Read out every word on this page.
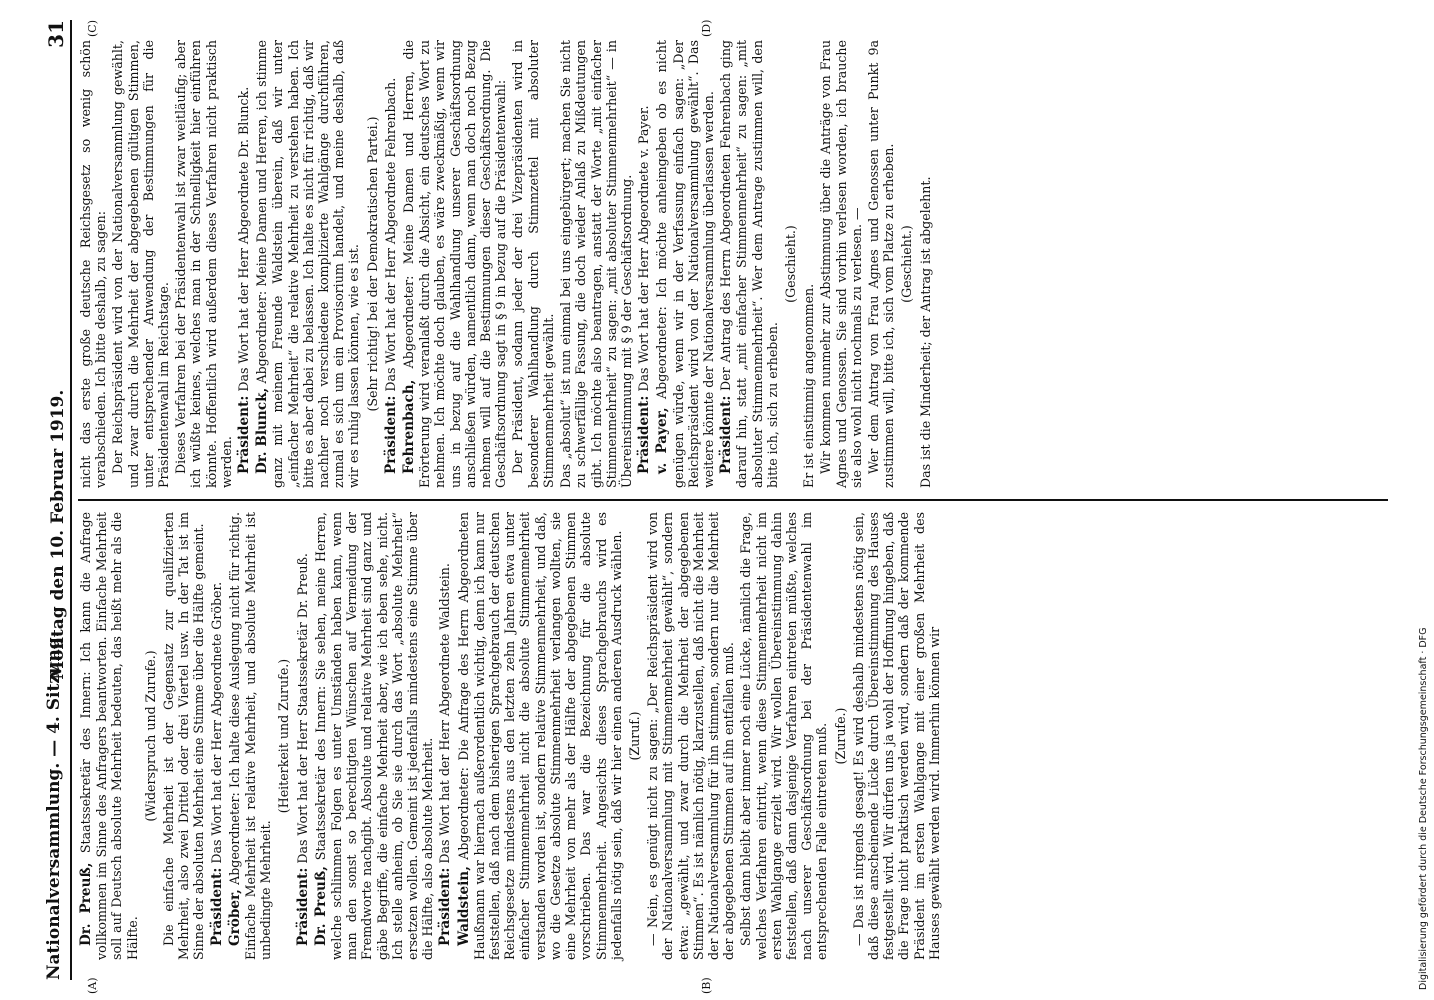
Nationalversammlung. — 4. Sitzung.
Montag den 10. Februar 1919.  31

Dr. Preuß, Staatssekretär des Innern: Ich kann die Anfrage vollkommen im Sinne des Anfragers beantworten. Einfache Mehrheit soll auf Deutsch absolute Mehrheit bedeuten, das heißt mehr als die Hälfte.

(Widerspruch und Zurufe.) Die einfache Mehrheit ist der Gegensatz zur qualifizierten Mehrheit, also zwei Drittel oder drei Viertel usw. In der Tat ist im Sinne der absoluten Mehrheit eine Stimme über die Hälfte gemeint. Präsident: Das Wort hat der Herr Abgeordnete Gröber.

Gröber, Abgeordneter: Ich halte diese Auslegung nicht für richtig. Einfache Mehrheit ist relative Mehrheit, und absolute Mehrheit ist unbedingte Mehrheit.

(Heiterkeit und Zurufe.)

Präsident: Das Wort hat der Herr Staatssekretär Dr. Preuß.

Dr. Preuß, Staatssekretär des Innern: Sie sehen, meine Herren, welche schlimmen Folgen es unter Umständen haben kann, wenn man den sonst so berechtigten Wünschen auf Vermeidung der Fremdworte nachgibt. Absolute und relative Mehrheit sind ganz und gäbe Begriffe, die einfache Mehrheit aber, wie ich eben sehe, nicht. Ich stelle anheim, ob Sie sie durch das Wort „absolute Mehrheit“ ersetzen wollen. Gemeint ist jedenfalls mindestens eine Stimme über die Hälfte, also absolute Mehrheit. Präsident: Das Wort hat der Herr Abgeordnete Waldstein.

Waldstein, Abgeordneter: Die Anfrage des Herrn Abgeordneten Haußmann war hiernach außerordentlich wichtig, denn ich kann nur feststellen, daß nach dem bisherigen Sprachgebrauch der deutschen Reichsgesetze mindestens aus den letzten zehn Jahren etwa unter einfacher Stimmenmehrheit nicht die absolute Stimmenmehrheit verstanden worden ist, sondern relative Stimmenmehrheit, und daß, wo die Gesetze absolute Stimmenmehrheit verlangen wollten, sie eine Mehrheit von mehr als der Hälfte der abgegebenen Stimmen vorschrieben. Das war die Bezeichnung für die absolute Stimmenmehrheit. Angesichts dieses Sprachgebrauchs wird es jedenfalls nötig sein, daß wir hier einen anderen Ausdruck wählen. (Zuruf.) — Nein, es genügt nicht zu sagen: „Der Reichspräsident wird von der Nationalversammlung mit Stimmenmehrheit gewählt“, sondern etwa: „gewählt, und zwar durch die Mehrheit der abgegebenen Stimmen“. Es ist nämlich nötig, klarzustellen, daß nicht die Mehrheit der Nationalversammlung für ihn stimmen, sondern nur die Mehrheit der abgegebenen Stimmen auf ihn entfallen muß. Selbst dann bleibt aber immer noch eine Lücke, nämlich die Frage, welches Verfahren eintritt, wenn diese Stimmenmehrheit nicht im ersten Wahlgange erzielt wird. Wir wollen Übereinstimmung dahin feststellen, daß dann dasjenige Verfahren eintreten müßte, welches nach unserer Geschäftsordnung bei der Präsidentenwahl im entsprechenden Falle eintreten muß. (Zurufe.) — Das ist nirgends gesagt! Es wird deshalb mindestens nötig sein, daß diese anscheinende Lücke durch Übereinstimmung des Hauses festgestellt wird. Wir dürfen uns ja wohl der Hoffnung hingeben, daß die Frage nicht praktisch werden wird, sondern daß der kommende Präsident im ersten Wahlgange mit einer großen Mehrheit des Hauses gewählt werden wird. Immerhin können wir

nicht das erste große deutsche Reichsgesetz so wenig schön verabschieden. Ich bitte deshalb, zu sagen: Der Reichspräsident wird von der Nationalversammlung gewählt, und zwar durch die Mehrheit der abgegebenen gültigen Stimmen, unter entsprechender Anwendung der Bestimmungen für die Präsidentenwahl im Reichstage. Dieses Verfahren bei der Präsidentenwahl ist zwar weitläufig; aber ich wüßte keines, welches man in der Schnelligkeit hier einführen könnte. Hoffentlich wird außerdem dieses Verfahren nicht praktisch werden. Präsident: Das Wort hat der Herr Abgeordnete Dr. Blunck.

Dr. Blunck, Abgeordneter: Meine Damen und Herren, ich stimme ganz mit meinem Freunde Waldstein überein, daß wir unter „einfacher Mehrheit“ die relative Mehrheit zu verstehen haben. Ich bitte es aber dabei zu belassen. Ich halte es nicht für richtig, daß wir nachher noch verschiedene komplizierte Wahlgänge durchführen, zumal es sich um ein Provisorium handelt, und meine deshalb, daß wir es ruhig lassen können, wie es ist. (Sehr richtig! bei der Demokratischen Partei.)

Präsident: Das Wort hat der Herr Abgeordnete Fehrenbach.

Fehrenbach, Abgeordneter: Meine Damen und Herren, die Erörterung wird veranlaßt durch die Absicht, ein deutsches Wort zu nehmen. Ich möchte doch glauben, es wäre zweckmäßig, wenn wir uns in bezug auf die Wahlhandlung unserer Geschäftsordnung anschließen würden, namentlich dann, wenn man doch noch Bezug nehmen will auf die Bestimmungen dieser Geschäftsordnung. Die Geschäftsordnung sagt in § 9 in bezug auf die Präsidentenwahl: Der Präsident, sodann jeder der drei Vizepräsidenten wird in besonderer Wahlhandlung durch Stimmzettel mit absoluter Stimmenmehrheit gewählt. Das „absolut“ ist nun einmal bei uns eingebürgert; machen Sie nicht zu schwerfällige Fassung, die doch wieder Anlaß zu Mißdeutungen gibt. Ich möchte also beantragen, anstatt der Worte „mit einfacher Stimmenmehrheit“ zu sagen: „mit absoluter Stimmenmehrheit“ — in Übereinstimmung mit § 9 der Geschäftsordnung. Präsident: Das Wort hat der Herr Abgeordnete v. Payer.

v. Payer, Abgeordneter: Ich möchte anheimgeben ob es nicht genügen würde, wenn wir in der Verfassung einfach sagen: „Der Reichspräsident wird von der Nationalversammlung gewählt“. Das weitere könnte der Nationalversammlung überlassen werden. Präsident: Der Antrag des Herrn Abgeordneten Fehrenbach ging darauf hin, statt „mit einfacher Stimmenmehrheit“ zu sagen: „mit absoluter Stimmenmehrheit“. Wer dem Antrage zustimmen will, den bitte ich, sich zu erheben.

(Geschieht.)

Er ist einstimmig angenommen. Wir kommen nunmehr zur Abstimmung über die Anträge von Frau Agnes und Genossen. Sie sind vorhin verlesen worden, ich brauche sie also wohl nicht nochmals zu verlesen. — Wer dem Antrag von Frau Agnes und Genossen unter Punkt 9a zustimmen will, bitte ich, sich vom Platze zu erheben. (Geschieht.) Das ist die Minderheit; der Antrag ist abgelehnt.

(A)	(B)
(C)	(D)
Digitalisierung gefördert durch die Deutsche Forschungsgemeinschaft · DFG
